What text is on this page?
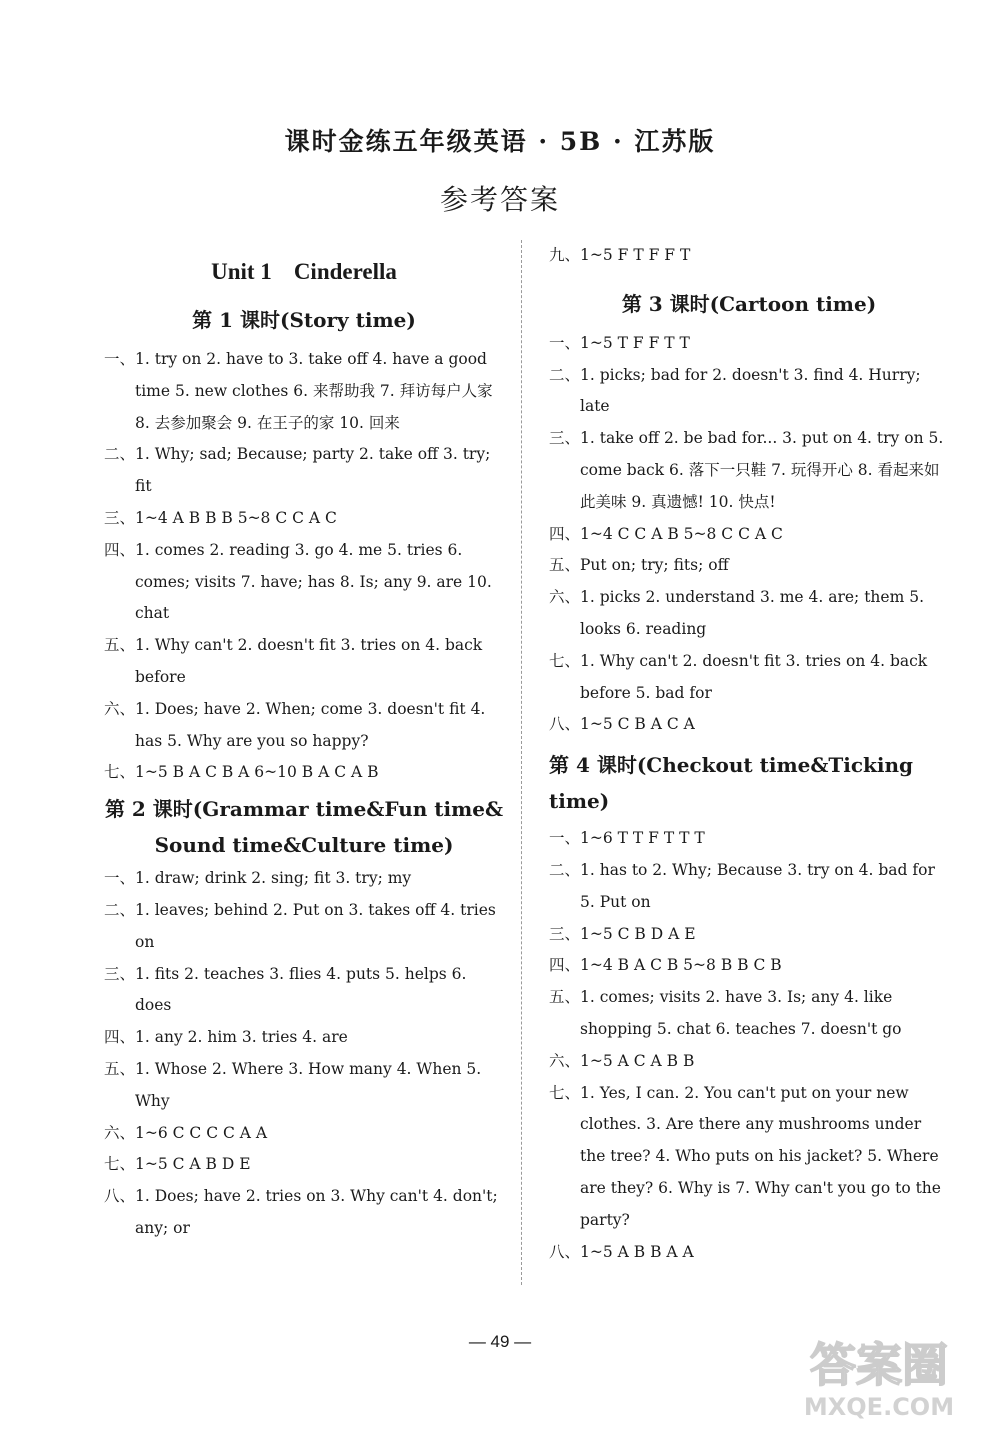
课时金练五年级英语 · 5B · 江苏版
参考答案
Unit 1 Cinderella
第 1 课时(Story time)
一、 1. try on 2. have to 3. take off 4. have a good time 5. new clothes 6. 来帮助我 7. 拜访每户人家 8. 去参加聚会 9. 在王子的家 10. 回来
二、 1. Why; sad; Because; party 2. take off 3. try; fit
三、 1~4 A B B B 5~8 C C A C
四、 1. comes 2. reading 3. go 4. me 5. tries 6. comes; visits 7. have; has 8. Is; any 9. are 10. chat
五、 1. Why can't 2. doesn't fit 3. tries on 4. back before
六、 1. Does; have 2. When; come 3. doesn't fit 4. has 5. Why are you so happy?
七、 1~5 B A C B A 6~10 B A C A B
第 2 课时(Grammar time&Fun time&
Sound time&Culture time)
一、 1. draw; drink 2. sing; fit 3. try; my
二、 1. leaves; behind 2. Put on 3. takes off 4. tries on
三、 1. fits 2. teaches 3. flies 4. puts 5. helps 6. does
四、 1. any 2. him 3. tries 4. are
五、 1. Whose 2. Where 3. How many 4. When 5. Why
六、 1~6 C C C C A A
七、 1~5 C A B D E
八、 1. Does; have 2. tries on 3. Why can't 4. don't; any; or
九、 1~5 F T F F T
第 3 课时(Cartoon time)
一、 1~5 T F F T T
二、 1. picks; bad for 2. doesn't 3. find 4. Hurry; late
三、 1. take off 2. be bad for... 3. put on 4. try on 5. come back 6. 落下一只鞋 7. 玩得开心 8. 看起来如此美味 9. 真遗憾! 10. 快点!
四、 1~4 C C A B 5~8 C C A C
五、 Put on; try; fits; off
六、 1. picks 2. understand 3. me 4. are; them 5. looks 6. reading
七、 1. Why can't 2. doesn't fit 3. tries on 4. back before 5. bad for
八、 1~5 C B A C A
第 4 课时(Checkout time&Ticking time)
一、 1~6 T T F T T T
二、 1. has to 2. Why; Because 3. try on 4. bad for 5. Put on
三、 1~5 C B D A E
四、 1~4 B A C B 5~8 B B C B
五、 1. comes; visits 2. have 3. Is; any 4. like shopping 5. chat 6. teaches 7. doesn't go
六、 1~5 A C A B B
七、 1. Yes, I can. 2. You can't put on your new clothes. 3. Are there any mushrooms under the tree? 4. Who puts on his jacket? 5. Where are they? 6. Why is 7. Why can't you go to the party?
八、 1~5 A B B A A
— 49 —	答案圈
MXQE.COM
